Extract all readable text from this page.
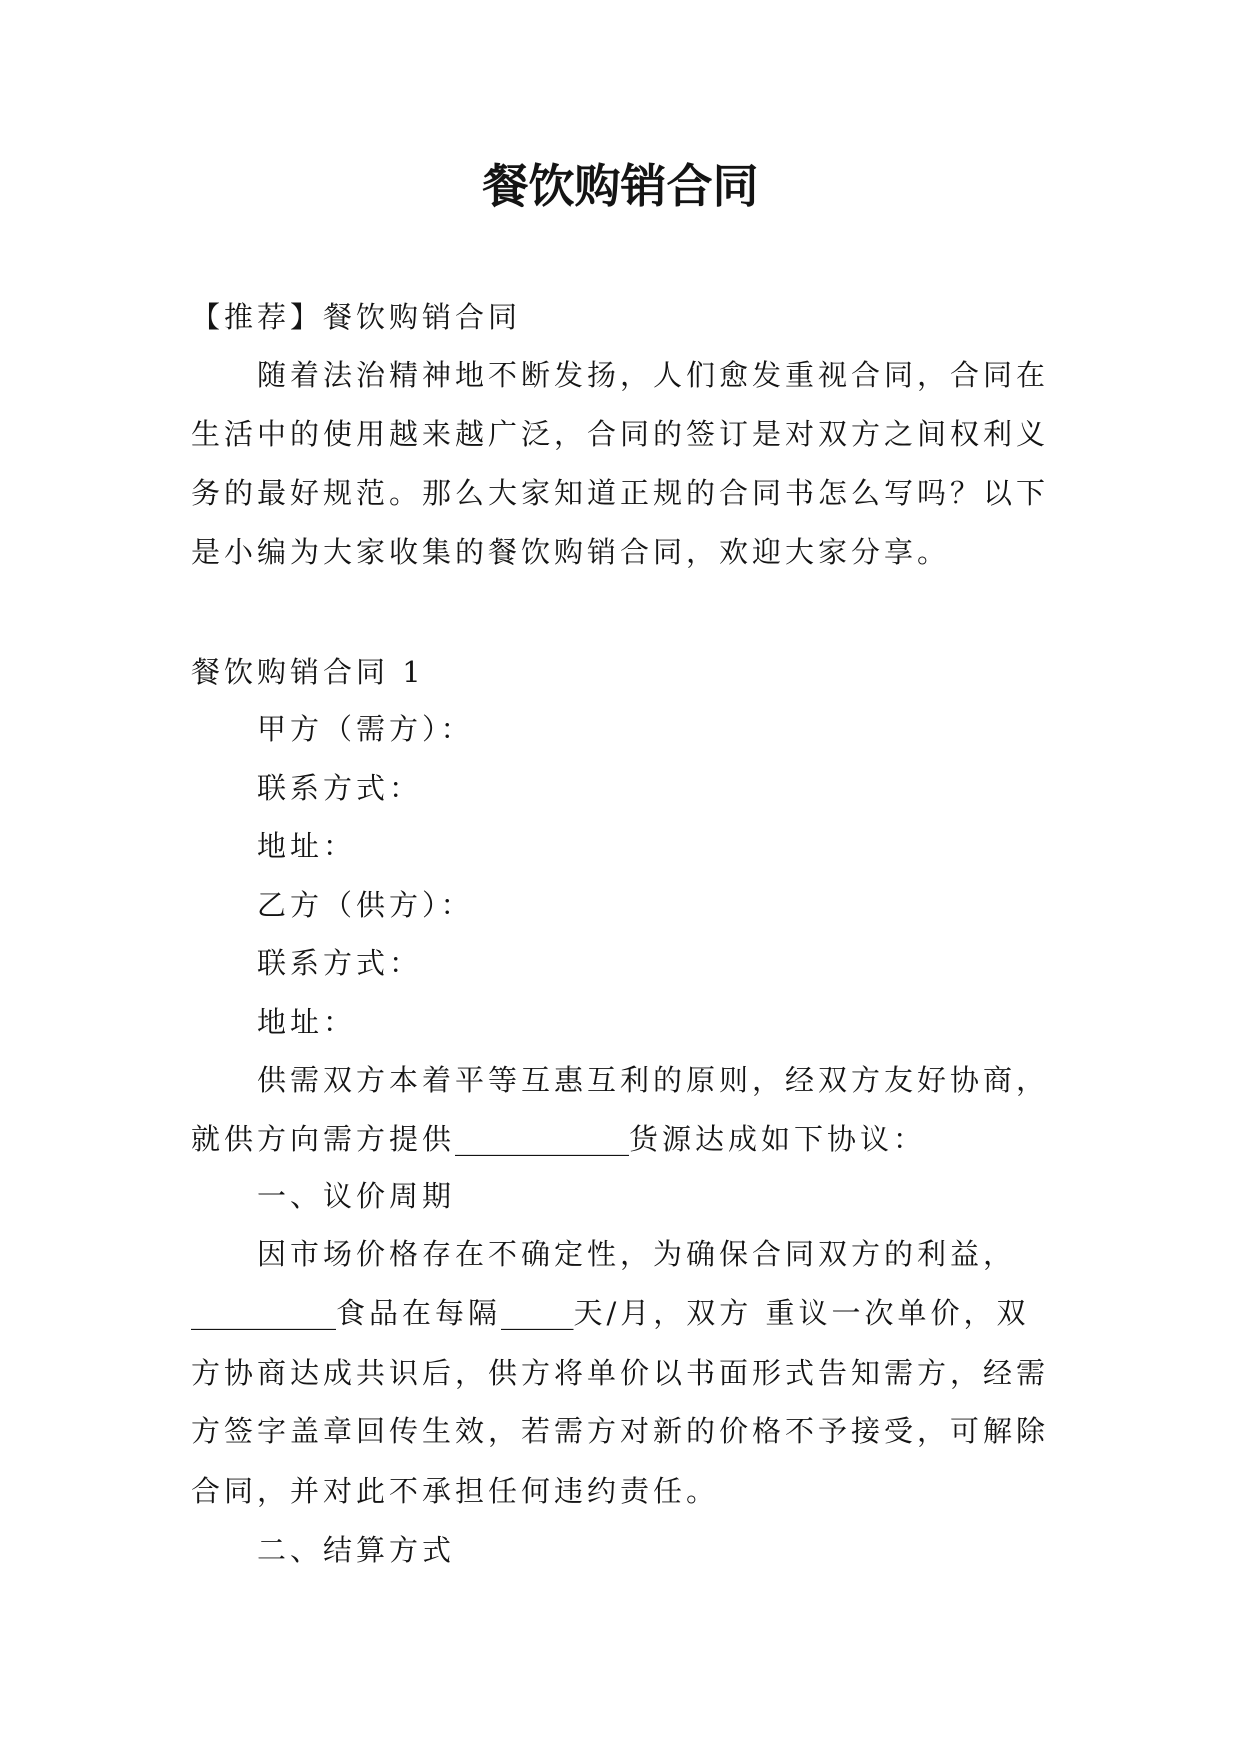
餐饮购销合同
【推荐】餐饮购销合同
随着法治精神地不断发扬，人们愈发重视合同，合同在
生活中的使用越来越广泛，合同的签订是对双方之间权利义
务的最好规范。那么大家知道正规的合同书怎么写吗？以下
是小编为大家收集的餐饮购销合同，欢迎大家分享。
餐饮购销合同 1
甲方（需方）：
联系方式：
地址：
乙方（供方）：
联系方式：
地址：
供需双方本着平等互惠互利的原则，经双方友好协商，
就供方向需方提供____________货源达成如下协议：
一、议价周期
因市场价格存在不确定性，为确保合同双方的利益，
__________食品在每隔_____天/月，双方 重议一次单价，双
方协商达成共识后，供方将单价以书面形式告知需方，经需
方签字盖章回传生效，若需方对新的价格不予接受，可解除
合同，并对此不承担任何违约责任。
二、结算方式
